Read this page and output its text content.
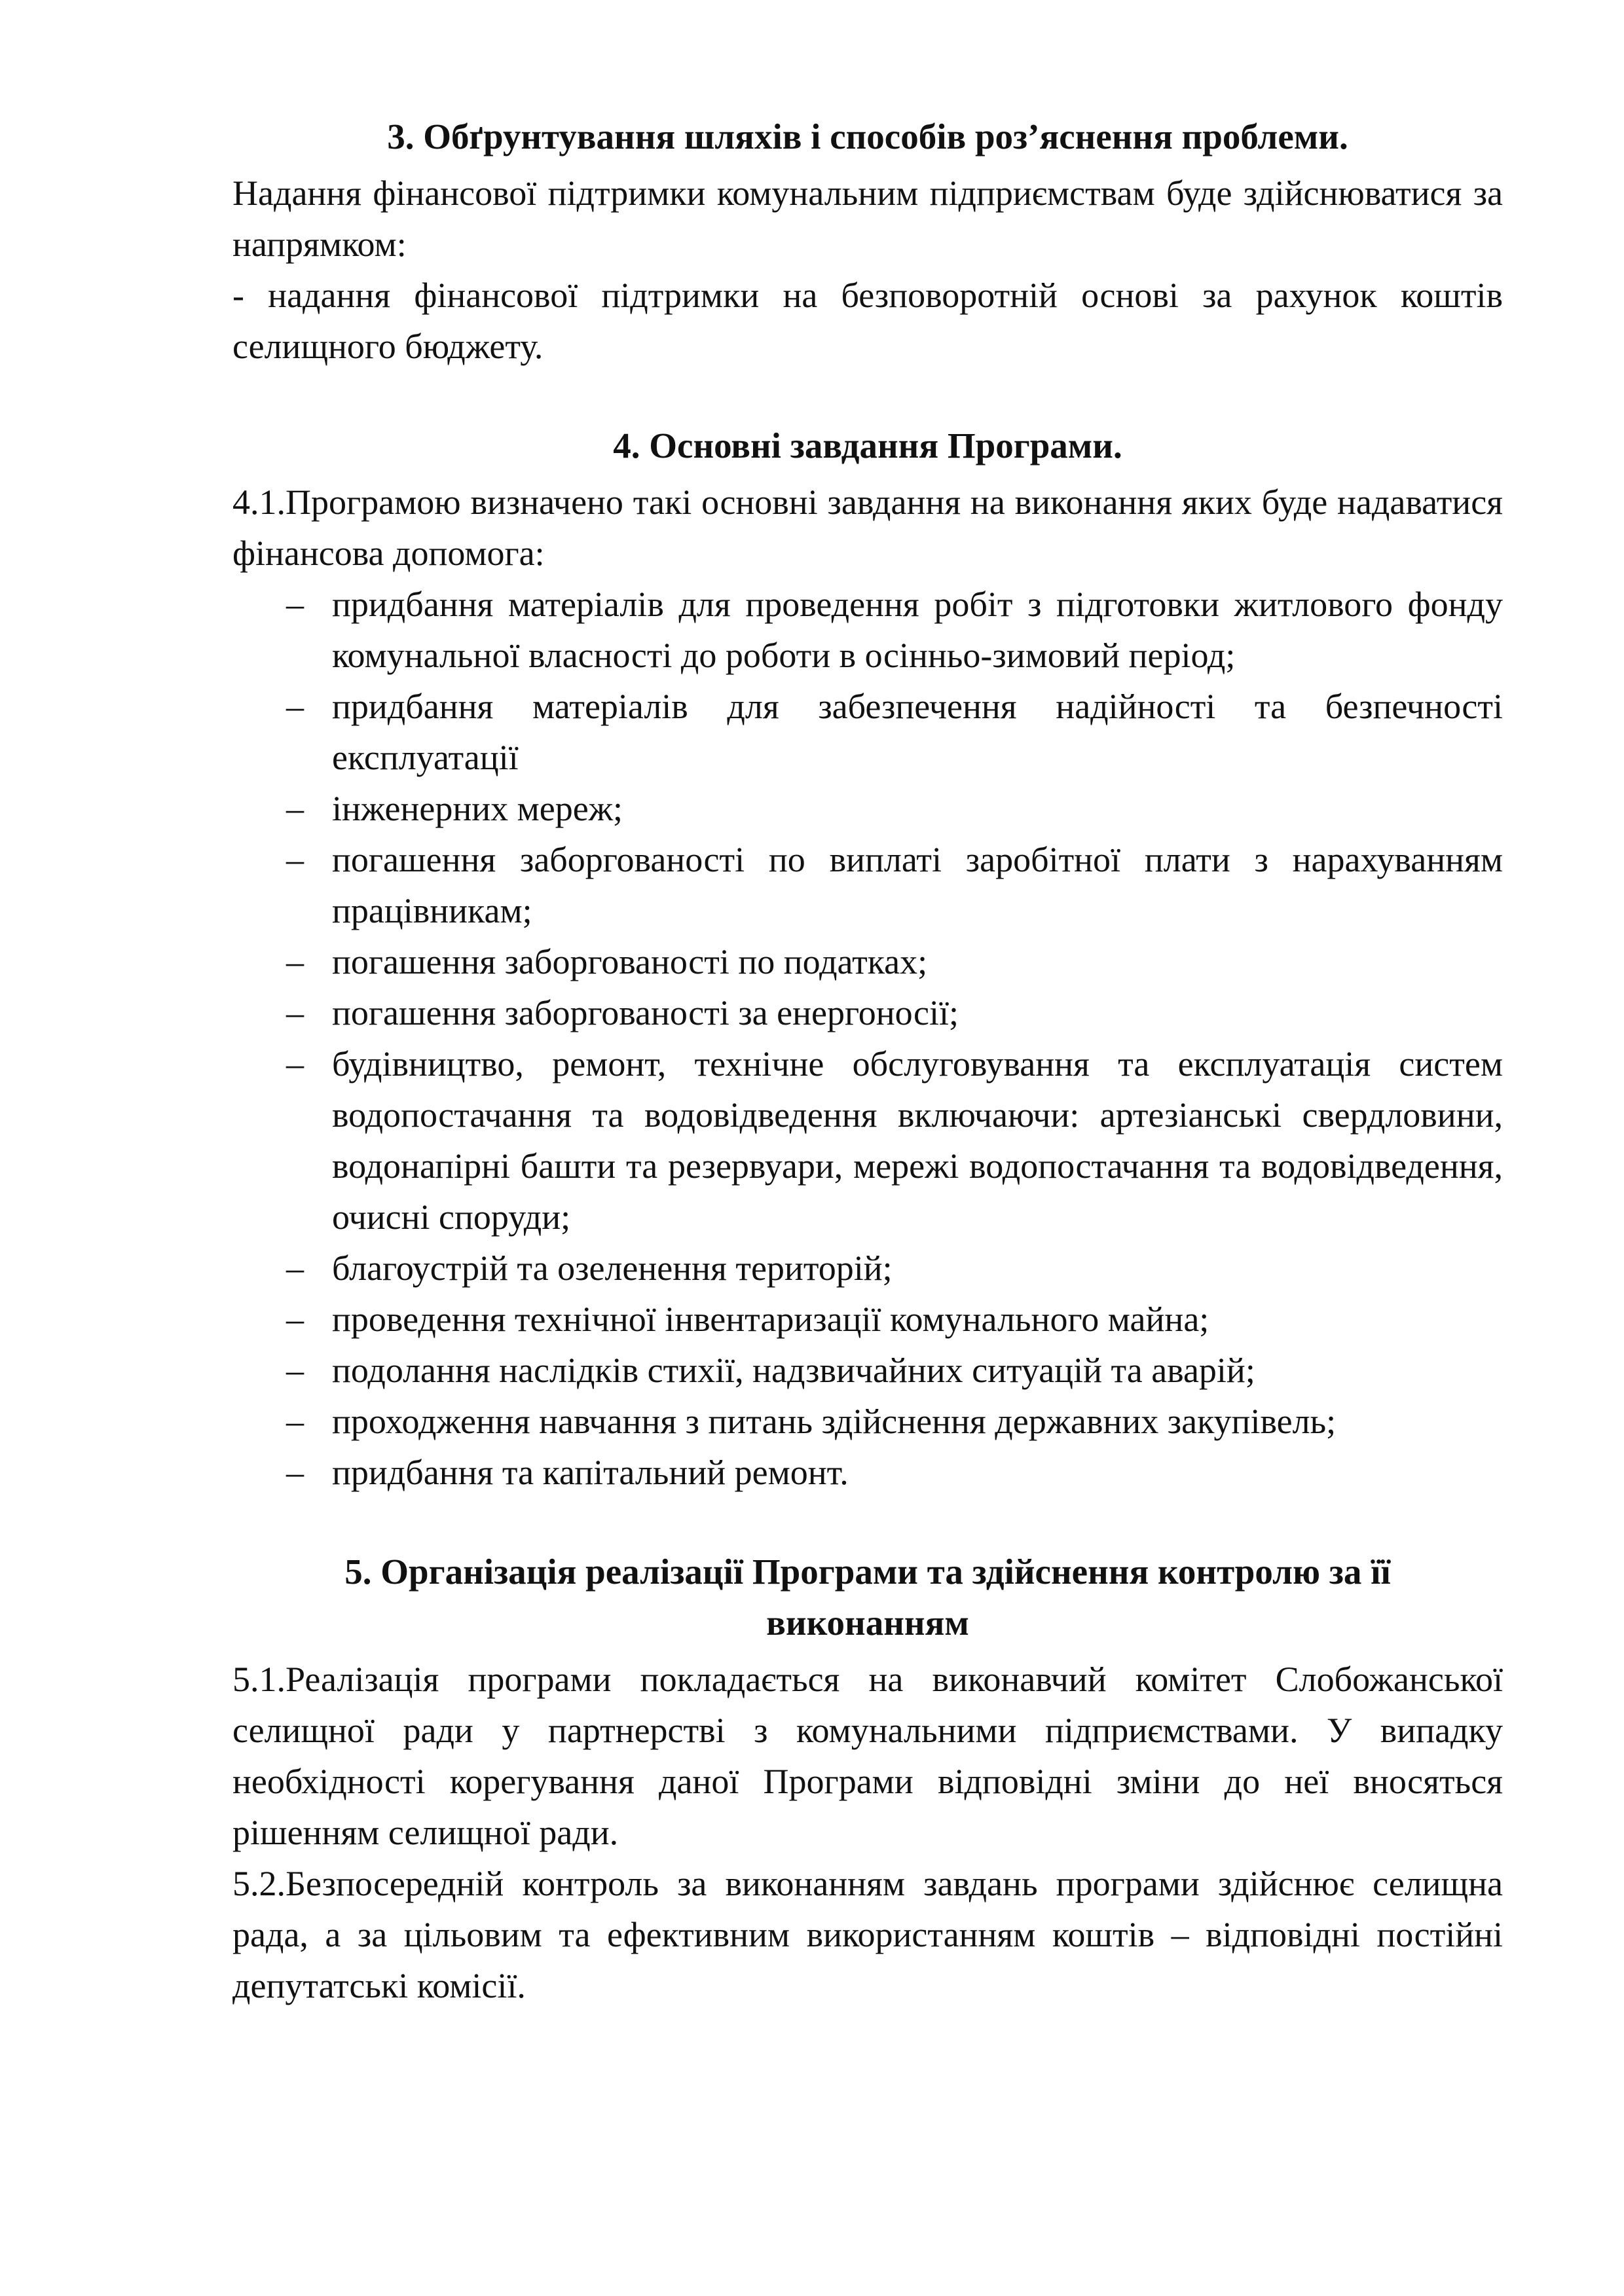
3. Обґрунтування шляхів і способів роз’яснення проблеми.

Надання фінансової підтримки комунальним підприємствам буде здійснюватися за напрямком:

- надання фінансової підтримки на безповоротній основі за рахунок коштів селищного бюджету.

4. Основні завдання Програми.

4.1.Програмою визначено такі основні завдання на виконання яких буде надаватися фінансова допомога:

– придбання матеріалів для проведення робіт з підготовки житлового фонду комунальної власності до роботи в осінньо-зимовий період;
– придбання матеріалів для забезпечення надійності та безпечності експлуатації
– інженерних мереж;
– погашення заборгованості по виплаті заробітної плати з нарахуванням працівникам;
– погашення заборгованості по податках;
– погашення заборгованості за енергоносії;
– будівництво, ремонт, технічне обслуговування та експлуатація систем водопостачання та водовідведення включаючи: артезіанські свердловини, водонапірні башти та резервуари, мережі водопостачання та водовідведення, очисні споруди;
– благоустрій та озеленення територій;
– проведення технічної інвентаризації комунального майна;
– подолання наслідків стихії, надзвичайних ситуацій та аварій;
– проходження навчання з питань здійснення державних закупівель;
– придбання та капітальний ремонт.
5. Організація реалізації Програми та здійснення контролю за її
виконанням

5.1.Реалізація програми покладається на виконавчий комітет Слобожанської селищної ради у партнерстві з комунальними підприємствами. У випадку необхідності корегування даної Програми відповідні зміни до неї вносяться рішенням селищної ради.

5.2.Безпосередній контроль за виконанням завдань програми здійснює селищна рада, а за цільовим та ефективним використанням коштів – відповідні постійні депутатські комісії.
